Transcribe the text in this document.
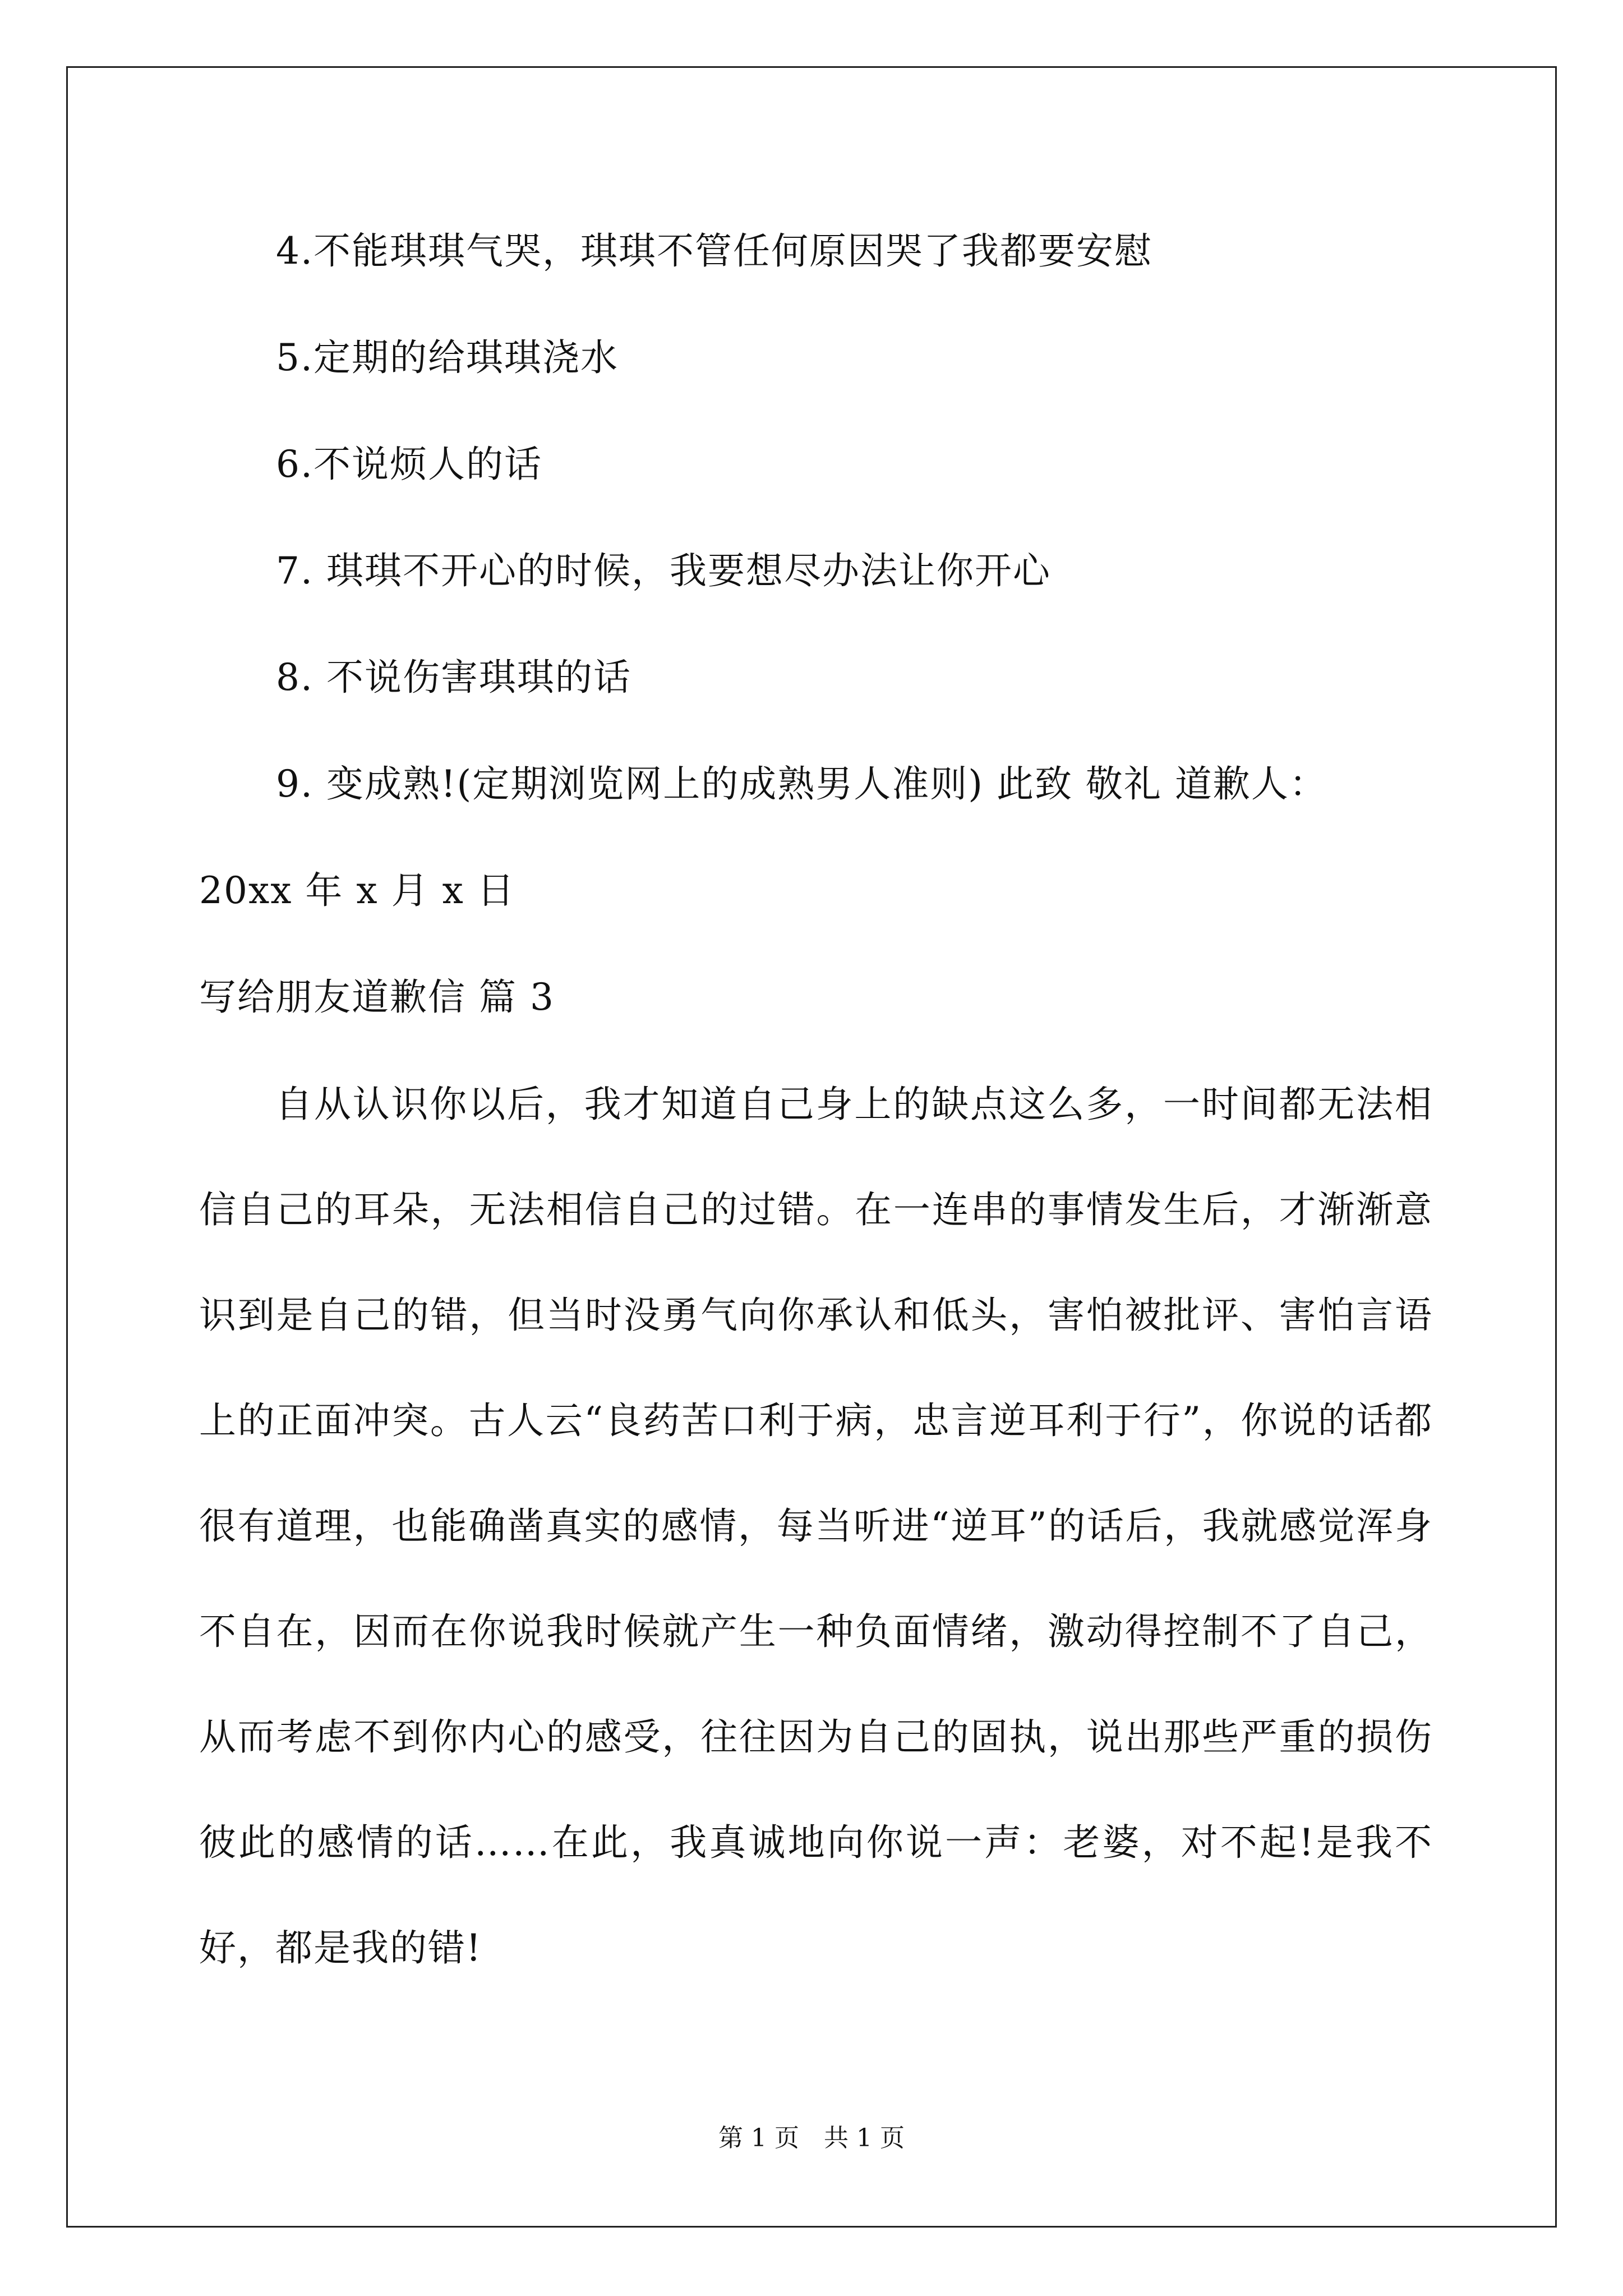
4.不能琪琪气哭，琪琪不管任何原因哭了我都要安慰
5.定期的给琪琪浇水
6.不说烦人的话
7. 琪琪不开心的时候，我要想尽办法让你开心
8. 不说伤害琪琪的话
9. 变成熟!(定期浏览网上的成熟男人准则) 此致 敬礼 道歉人：
20xx 年 x 月 x 日
写给朋友道歉信 篇 3
自从认识你以后，我才知道自己身上的缺点这么多，一时间都无法相信自己的耳朵，无法相信自己的过错。在一连串的事情发生后，才渐渐意识到是自己的错，但当时没勇气向你承认和低头，害怕被批评、害怕言语上的正面冲突。古人云“良药苦口利于病，忠言逆耳利于行”，你说的话都很有道理，也能确凿真实的感情，每当听进“逆耳”的话后，我就感觉浑身不自在，因而在你说我时候就产生一种负面情绪，激动得控制不了自己，从而考虑不到你内心的感受，往往因为自己的固执，说出那些严重的损伤彼此的感情的话……在此，我真诚地向你说一声：老婆，对不起!是我不好，都是我的错!
第 1 页　共 1 页
